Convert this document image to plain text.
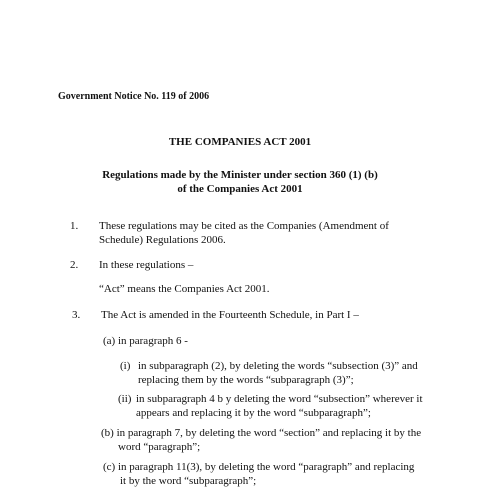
Government Notice No. 119 of 2006
THE COMPANIES ACT 2001
Regulations made by the Minister under section 360 (1) (b)
of the Companies Act 2001
1. These regulations may be cited as the Companies (Amendment of
Schedule) Regulations 2006.
2. In these regulations –
“Act” means the Companies Act 2001.
3. The Act is amended in the Fourteenth Schedule, in Part I –
(a) in paragraph 6 -
(i) in subparagraph (2), by deleting the words “subsection (3)” and
replacing them by the words “subparagraph (3)”;
(ii) in subparagraph 4 b y deleting the word “subsection” wherever it
appears and replacing it by the word “subparagraph”;
(b) in paragraph 7, by deleting the word “section” and replacing it by the
word “paragraph”;
(c) in paragraph 11(3), by deleting the word “paragraph” and replacing
it by the word “subparagraph”;
